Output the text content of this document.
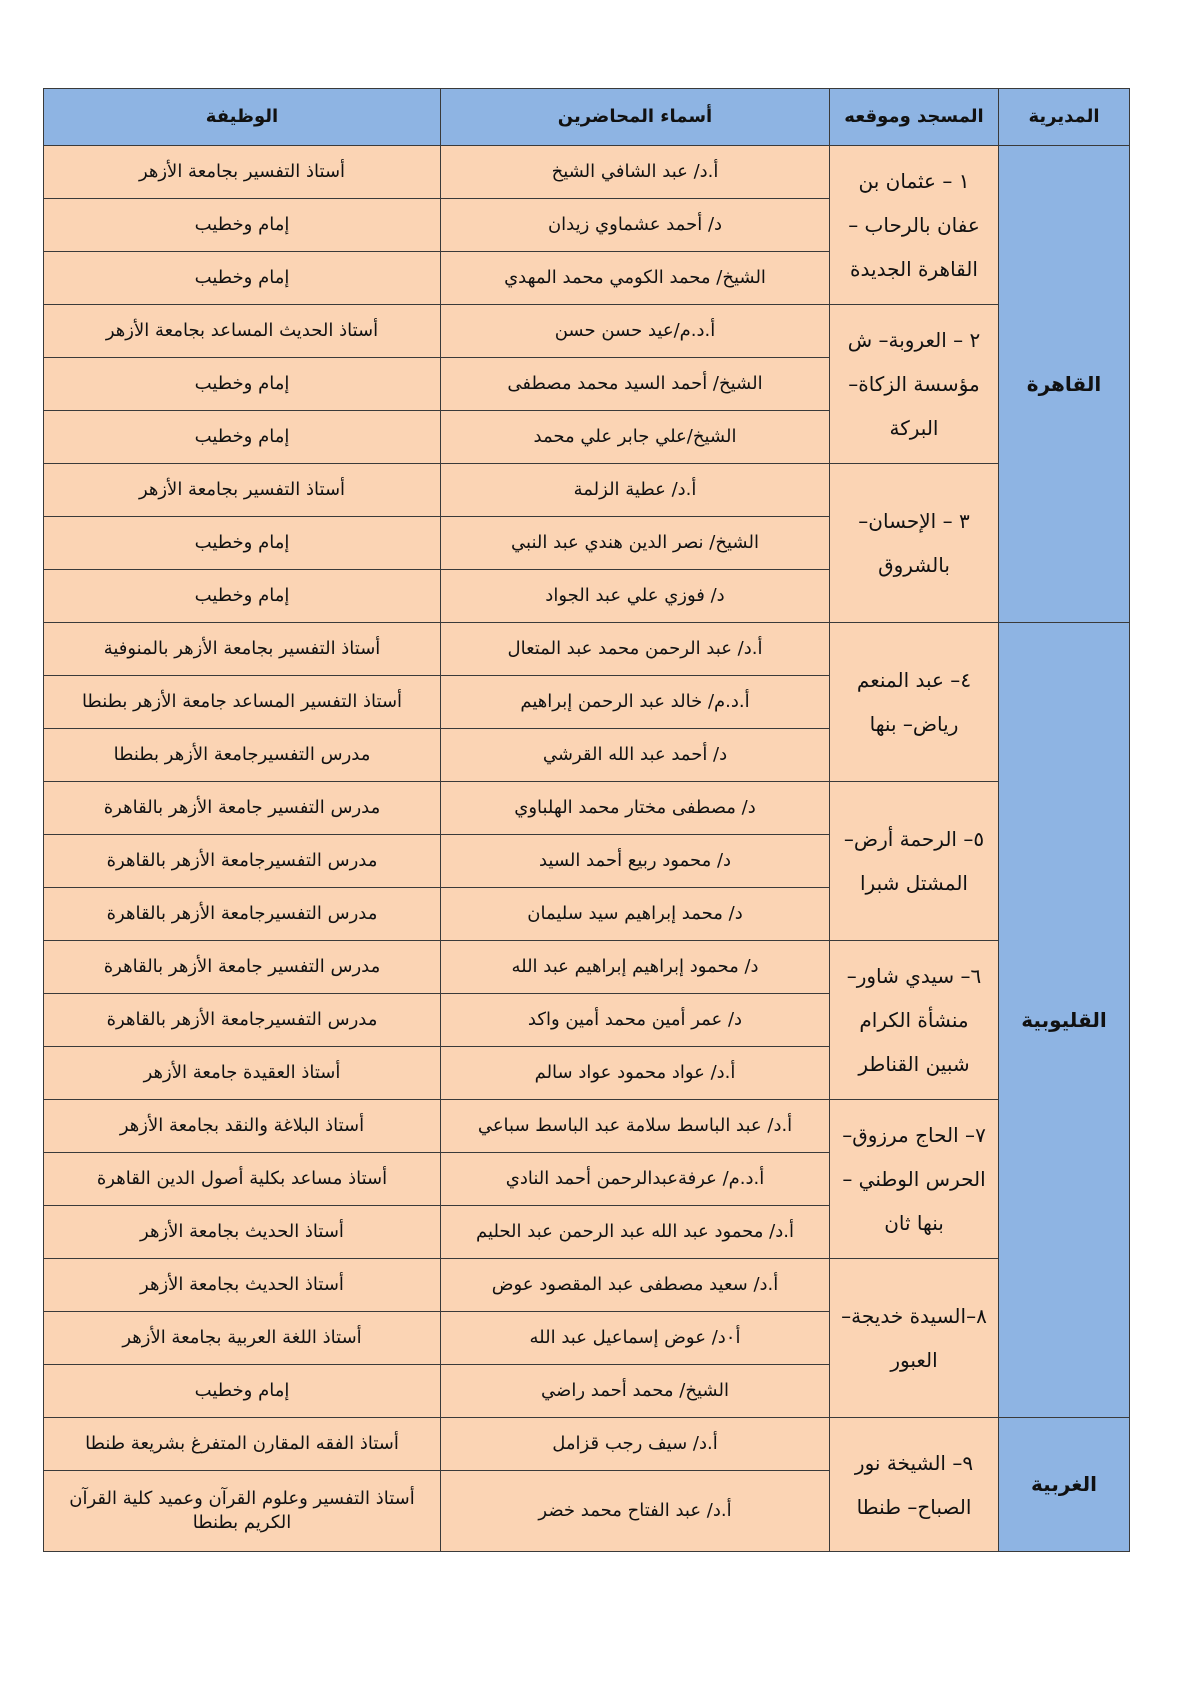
المديرية	المسجد وموقعه	أسماء المحاضرين	الوظيفة
القاهرة	١ – عثمان بن عفان بالرحاب – القاهرة الجديدة	أ.د/ عبد الشافي الشيخ	أستاذ التفسير بجامعة الأزهر
		د/ أحمد عشماوي زيدان	إمام وخطيب
		الشيخ/ محمد الكومي محمد المهدي	إمام وخطيب
	٢ – العروبة– ش مؤسسة الزكاة– البركة	أ.د.م/عيد حسن حسن	أستاذ الحديث المساعد بجامعة الأزهر
		الشيخ/ أحمد السيد محمد مصطفى	إمام وخطيب
		الشيخ/علي جابر علي محمد	إمام وخطيب
	٣ – الإحسان– بالشروق	أ.د/ عطية الزلمة	أستاذ التفسير بجامعة الأزهر
		الشيخ/ نصر الدين هندي عبد النبي	إمام وخطيب
		د/ فوزي علي عبد الجواد	إمام وخطيب
القليوبية	٤– عبد المنعم رياض– بنها	أ.د/ عبد الرحمن محمد عبد المتعال	أستاذ التفسير بجامعة الأزهر بالمنوفية
		أ.د.م/ خالد عبد الرحمن إبراهيم	أستاذ التفسير المساعد جامعة الأزهر بطنطا
		د/ أحمد عبد الله القرشي	مدرس التفسيرجامعة الأزهر بطنطا
	٥– الرحمة أرض– المشتل شبرا	د/ مصطفى مختار محمد الهلباوي	مدرس التفسير جامعة الأزهر بالقاهرة
		د/ محمود ربيع أحمد السيد	مدرس التفسيرجامعة الأزهر بالقاهرة
		د/ محمد إبراهيم سيد سليمان	مدرس التفسيرجامعة الأزهر بالقاهرة
	٦– سيدي شاور– منشأة الكرام شبين القناطر	د/ محمود إبراهيم إبراهيم عبد الله	مدرس التفسير جامعة الأزهر بالقاهرة
		د/ عمر أمين محمد أمين واكد	مدرس التفسيرجامعة الأزهر بالقاهرة
		أ.د/ عواد محمود عواد سالم	أستاذ العقيدة جامعة الأزهر
	٧– الحاج مرزوق– الحرس الوطني –بنها ثان	أ.د/ عبد الباسط سلامة عبد الباسط سباعي	أستاذ البلاغة والنقد بجامعة الأزهر
		أ.د.م/ عرفةعبدالرحمن أحمد النادي	أستاذ مساعد بكلية أصول الدين القاهرة
		أ.د/ محمود عبد الله عبد الرحمن عبد الحليم	أستاذ الحديث بجامعة الأزهر
	٨–السيدة خديجة– العبور	أ.د/ سعيد مصطفى عبد المقصود عوض	أستاذ الحديث بجامعة الأزهر
		أ٠د/ عوض إسماعيل عبد الله	أستاذ اللغة العربية بجامعة الأزهر
		الشيخ/ محمد أحمد راضي	إمام وخطيب
الغربية	٩– الشيخة نور الصباح– طنطا	أ.د/ سيف رجب قزامل	أستاذ الفقه المقارن المتفرغ بشريعة طنطا
		أ.د/ عبد الفتاح محمد خضر	أستاذ التفسير وعلوم القرآن وعميد كلية القرآن الكريم بطنطا
